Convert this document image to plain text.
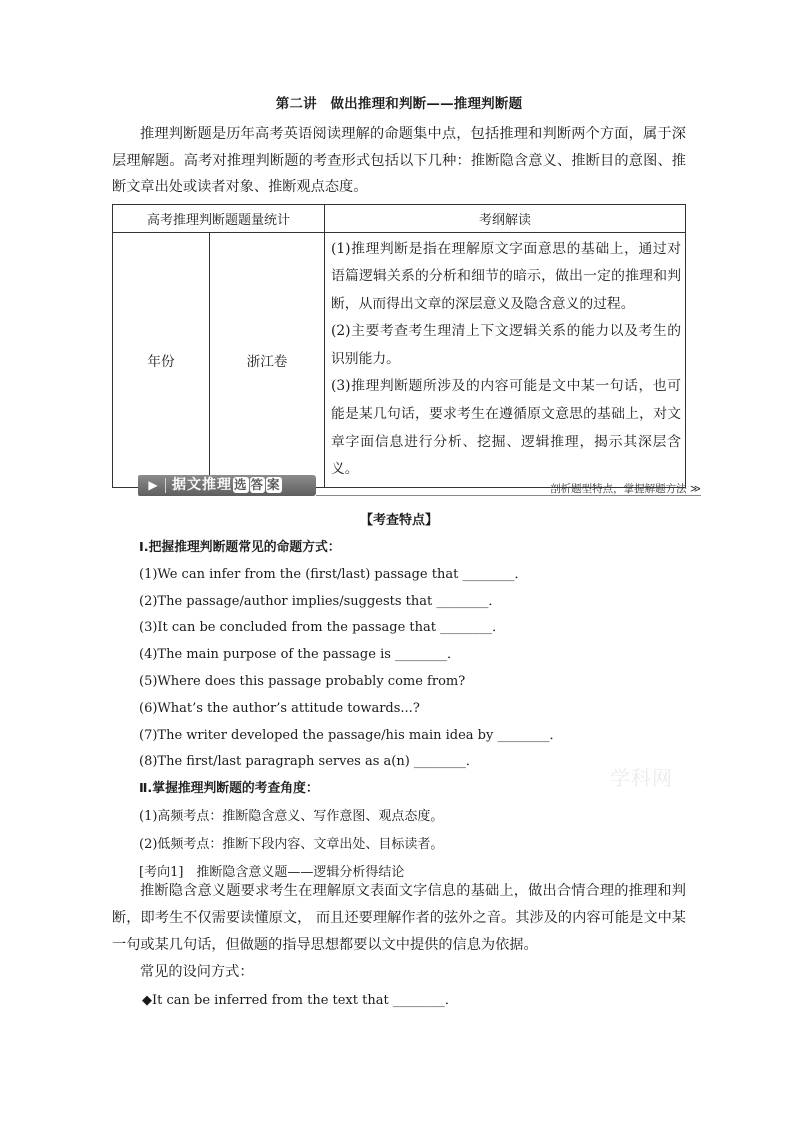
第二讲　做出推理和判断——推理判断题

推理判断题是历年高考英语阅读理解的命题集中点，包括推理和判断两个方面，属于深层理解题。高考对推理判断题的考查形式包括以下几种：推断隐含意义、推断目的意图、推断文章出处或读者对象、推断观点态度。

高考推理判断题题量统计		考纲解读
年份	浙江卷	(1)推理判断是指在理解原文字面意思的基础上，通过对语篇逻辑关系的分析和细节的暗示，做出一定的推理和判断，从而得出文章的深层意义及隐含意义的过程。
(2)主要考查考生理清上下文逻辑关系的能力以及考生的识别能力。
(3)推理判断题所涉及的内容可能是文中某一句话，也可能是某几句话，要求考生在遵循原文意思的基础上，对文章字面信息进行分析、挖掘、逻辑推理，揭示其深层含义。
▶	据文推理 选 答 案	剖析题型特点，掌握解题方法 ≫
【考查特点】
Ⅰ.把握推理判断题常见的命题方式：
(1)We can infer from the (first/last) passage that ________．
(2)The passage/author implies/suggests that ________．
(3)It can be concluded from the passage that ________．
(4)The main purpose of the passage is ________．
(5)Where does this passage probably come from?
(6)What’s the author’s attitude towards...?
(7)The writer developed the passage/his main idea by ________．
(8)The first/last paragraph serves as a(n) ________．
Ⅱ.掌握推理判断题的考查角度：
(1)高频考点：推断隐含意义、写作意图、观点态度。
(2)低频考点：推断下段内容、文章出处、目标读者。
[考向1]　推断隐含意义题——逻辑分析得结论

推断隐含意义题要求考生在理解原文表面文字信息的基础上，做出合情合理的推理和判断，即考生不仅需要读懂原文， 而且还要理解作者的弦外之音。其涉及的内容可能是文中某一句或某几句话，但做题的指导思想都要以文中提供的信息为依据。

常见的设问方式：

◆It can be inferred from the text that ________．
学科网
